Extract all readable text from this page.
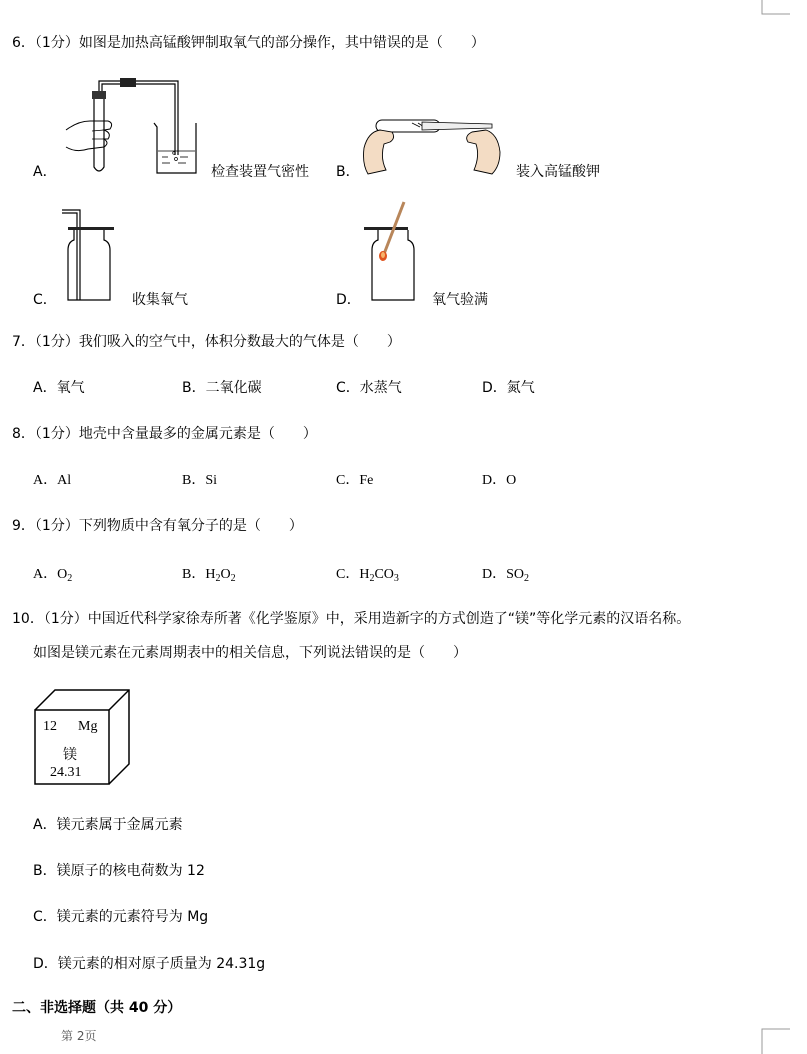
6．（1分）如图是加热高锰酸钾制取氧气的部分操作，其中错误的是（　　）
A．	检查装置气密性 B．	装入高锰酸钾
C．	收集氧气	D．	氧气验满
7．（1分）我们吸入的空气中，体积分数最大的气体是（　　）
A．氧气	B．二氧化碳	C．水蒸气	D．氮气
8．（1分）地壳中含量最多的金属元素是（　　）
A．Al	B．Si	C．Fe	D．O
9．（1分）下列物质中含有氧分子的是（　　）
A．$O_2$	B．$H_2O_2$	C．$H_2CO_3$	D．$SO_2$
10．（1分）中国近代科学家徐寿所著《化学鉴原》中，采用造新字的方式创造了“镁”等化学元素的汉语名称。
如图是镁元素在元素周期表中的相关信息，下列说法错误的是（　　）
12 Mg
镁
24.31
A．镁元素属于金属元素
B．镁原子的核电荷数为 12
C．镁元素的元素符号为 Mg
D．镁元素的相对原子质量为 24.31g
二、非选择题（共 40 分）
第 2页
